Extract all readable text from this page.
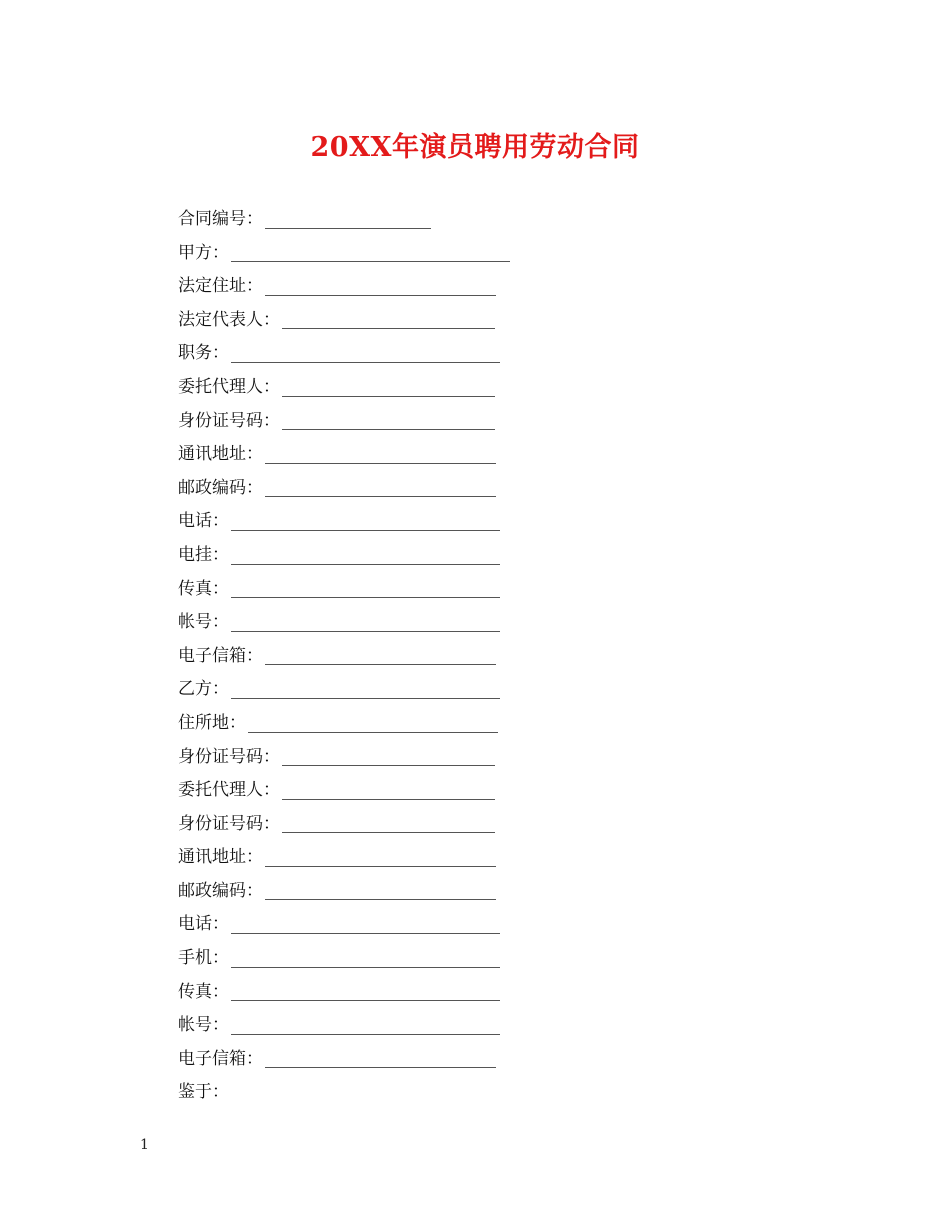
20XX年演员聘用劳动合同
合同编号：
甲方：
法定住址：
法定代表人：
职务：
委托代理人：
身份证号码：
通讯地址：
邮政编码：
电话：
电挂：
传真：
帐号：
电子信箱：
乙方：
住所地：
身份证号码：
委托代理人：
身份证号码：
通讯地址：
邮政编码：
电话：
手机：
传真：
帐号：
电子信箱：
鉴于：
1
